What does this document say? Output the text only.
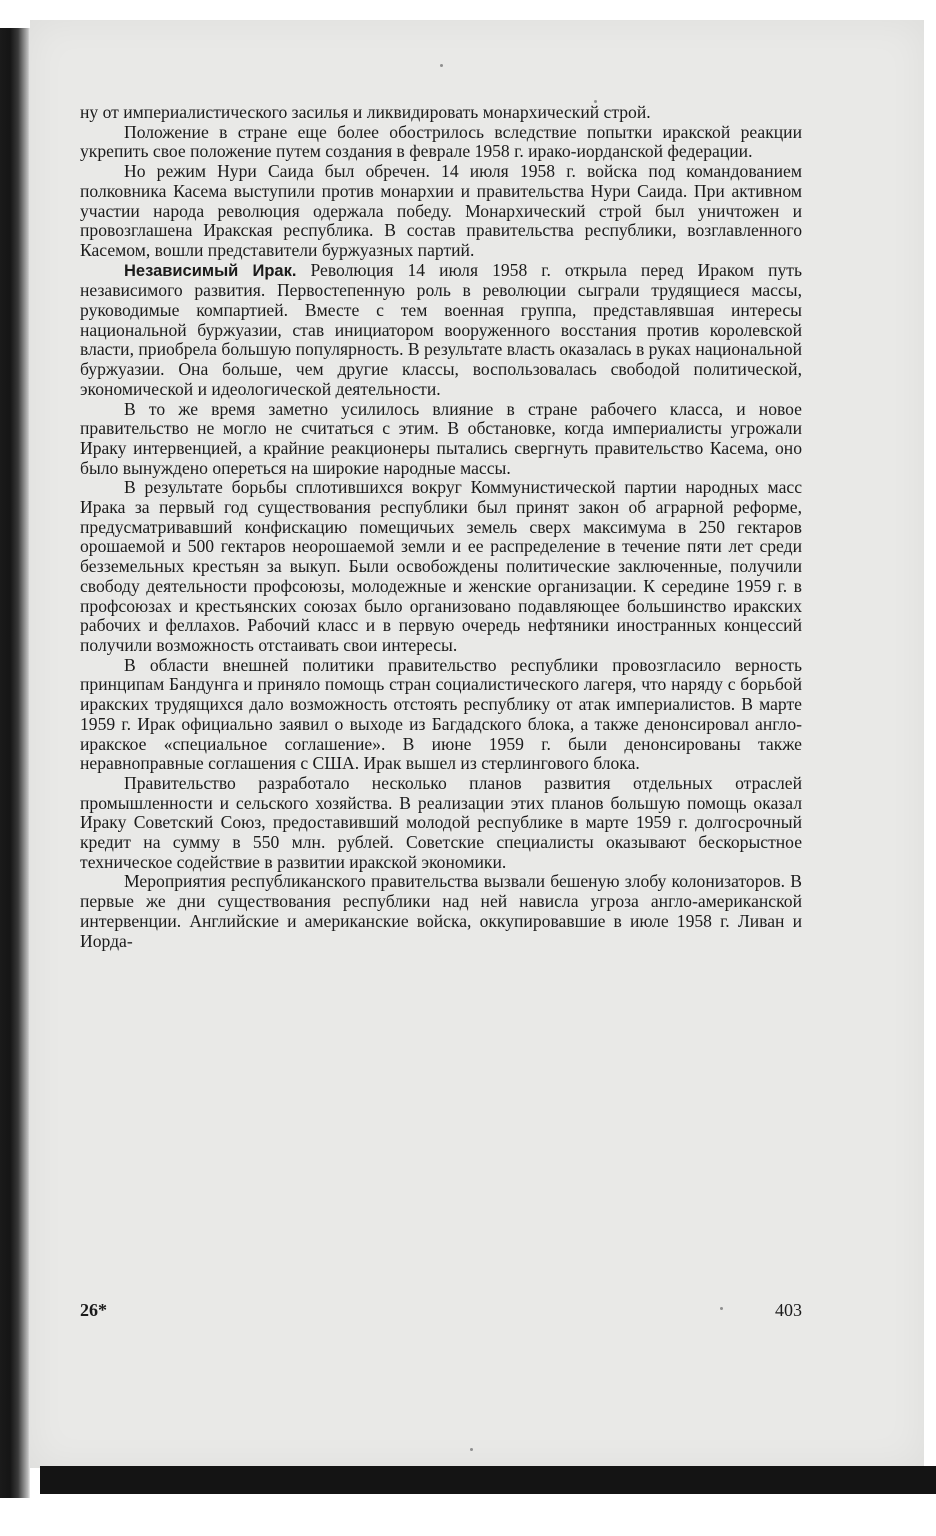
ну от империалистического засилья и ликвидировать монархический строй.

Положение в стране еще более обострилось вследствие попытки иракской реакции укрепить свое положение путем создания в феврале 1958 г. ирако-иорданской федерации.

Но режим Нури Саида был обречен. 14 июля 1958 г. войска под командованием полковника Касема выступили против монархии и правительства Нури Саида. При активном участии народа революция одержала победу. Монархический строй был уничтожен и провозглашена Иракская республика. В состав правительства республики, возглавленного Касемом, вошли представители буржуазных партий.

Независимый Ирак. Революция 14 июля 1958 г. открыла перед Ираком путь независимого развития. Первостепенную роль в революции сыграли трудящиеся массы, руководимые компартией. Вместе с тем военная группа, представлявшая интересы национальной буржуазии, став инициатором вооруженного восстания против королевской власти, приобрела большую популярность. В результате власть оказалась в руках национальной буржуазии. Она больше, чем другие классы, воспользовалась свободой политической, экономической и идеологической деятельности.

В то же время заметно усилилось влияние в стране рабочего класса, и новое правительство не могло не считаться с этим. В обстановке, когда империалисты угрожали Ираку интервенцией, а крайние реакционеры пытались свергнуть правительство Касема, оно было вынуждено опереться на широкие народные массы.

В результате борьбы сплотившихся вокруг Коммунистической партии народных масс Ирака за первый год существования республики был принят закон об аграрной реформе, предусматривавший конфискацию помещичьих земель сверх максимума в 250 гектаров орошаемой и 500 гектаров неорошаемой земли и ее распределение в течение пяти лет среди безземельных крестьян за выкуп. Были освобождены политические заключенные, получили свободу деятельности профсоюзы, молодежные и женские организации. К середине 1959 г. в профсоюзах и крестьянских союзах было организовано подавляющее большинство иракских рабочих и феллахов. Рабочий класс и в первую очередь нефтяники иностранных концессий получили возможность отстаивать свои интересы.

В области внешней политики правительство республики провозгласило верность принципам Бандунга и приняло помощь стран социалистического лагеря, что наряду с борьбой иракских трудящихся дало возможность отстоять республику от атак империалистов. В марте 1959 г. Ирак официально заявил о выходе из Багдадского блока, а также денонсировал англо-иракское «специальное соглашение». В июне 1959 г. были денонсированы также неравноправные соглашения с США. Ирак вышел из стерлингового блока.

Правительство разработало несколько планов развития отдельных отраслей промышленности и сельского хозяйства. В реализации этих планов большую помощь оказал Ираку Советский Союз, предоставивший молодой республике в марте 1959 г. долгосрочный кредит на сумму в 550 млн. рублей. Советские специалисты оказывают бескорыстное техническое содействие в развитии иракской экономики.

Мероприятия республиканского правительства вызвали бешеную злобу колонизаторов. В первые же дни существования республики над ней нависла угроза англо-американской интервенции. Английские и американские войска, оккупировавшие в июле 1958 г. Ливан и Иорда-

26*	403
